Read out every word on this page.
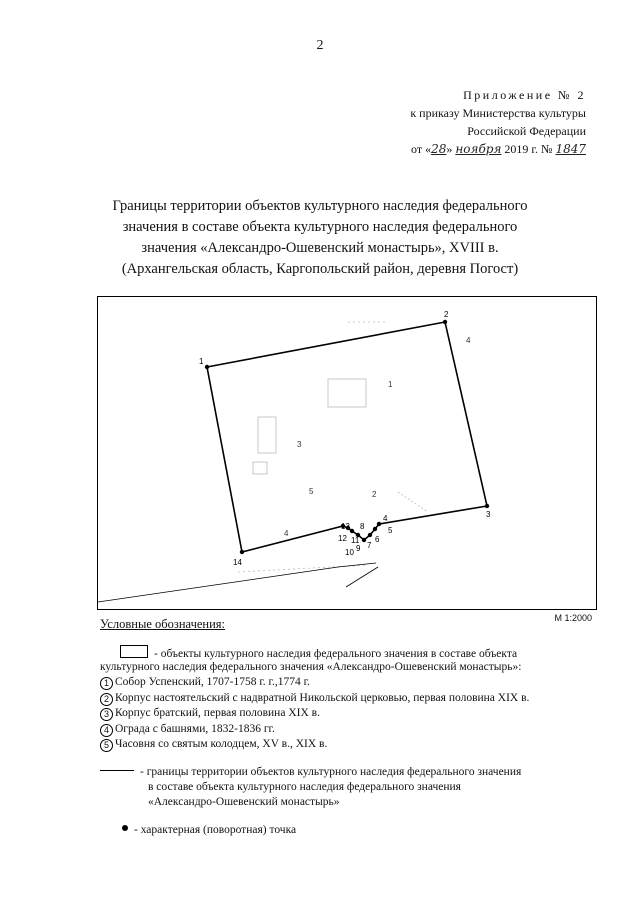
2
Приложение № 2
к приказу Министерства культуры
Российской Федерации
от «28» ноября 2019 г. № 1847
Границы территории объектов культурного наследия федерального
значения в составе объекта культурного наследия федерального
значения «Александро-Ошевенский монастырь», XVIII в.
(Архангельская область, Каргопольский район, деревня Погост)
1
2
3
4
5
6
7
8
9
10
11
12
13
14
1
2
3
4
4
5
М 1:2000
Условные обозначения:
- объекты культурного наследия федерального значения в составе объекта
культурного наследия федерального значения «Александро-Ошевенский монастырь»:
1 Собор Успенский, 1707-1758 г. г.,1774 г.
2 Корпус настоятельский с надвратной Никольской церковью, первая половина XIX в.
3 Корпус братский, первая половина XIX в.
4 Ограда с башнями, 1832-1836 гг.
5 Часовня со святым колодцем, XV в., XIX в.
- границы территории объектов культурного наследия федерального значения
в составе объекта культурного наследия федерального значения
«Александро-Ошевенский монастырь»
- характерная (поворотная) точка
